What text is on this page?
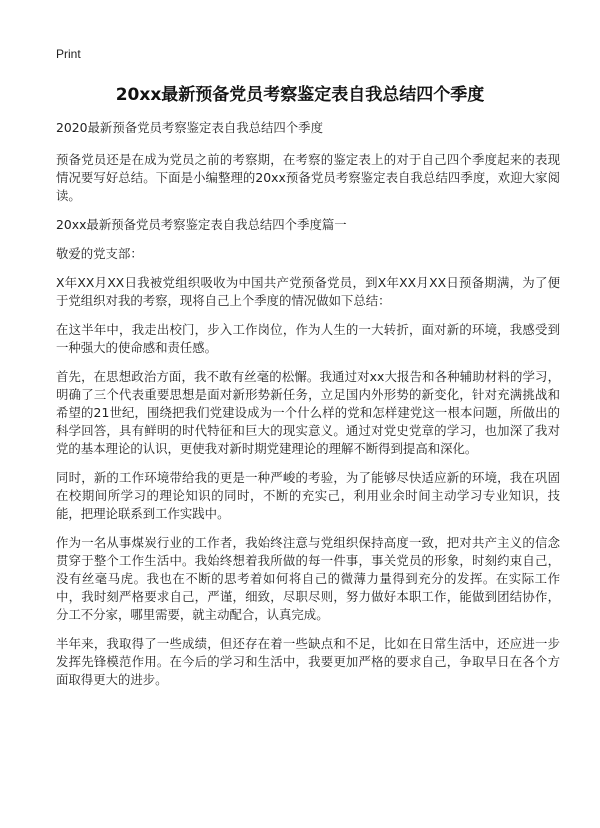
Print
20xx最新预备党员考察鉴定表自我总结四个季度

2020最新预备党员考察鉴定表自我总结四个季度

预备党员还是在成为党员之前的考察期，在考察的鉴定表上的对于自己四个季度起来的表现情况要写好总结。下面是小编整理的20xx预备党员考察鉴定表自我总结四季度，欢迎大家阅读。

20xx最新预备党员考察鉴定表自我总结四个季度篇一

敬爱的党支部：

X年XX月XX日我被党组织吸收为中国共产党预备党员，到X年XX月XX日预备期满，为了便于党组织对我的考察，现将自己上个季度的情况做如下总结：

在这半年中，我走出校门，步入工作岗位，作为人生的一大转折，面对新的环境，我感受到一种强大的使命感和责任感。

首先，在思想政治方面，我不敢有丝毫的松懈。我通过对xx大报告和各种辅助材料的学习，明确了三个代表重要思想是面对新形势新任务，立足国内外形势的新变化，针对充满挑战和希望的21世纪，围绕把我们党建设成为一个什么样的党和怎样建党这一根本问题，所做出的科学回答，具有鲜明的时代特征和巨大的现实意义。通过对党史党章的学习，也加深了我对党的基本理论的认识，更使我对新时期党建理论的理解不断得到提高和深化。

同时，新的工作环境带给我的更是一种严峻的考验，为了能够尽快适应新的环境，我在巩固在校期间所学习的理论知识的同时，不断的充实己，利用业余时间主动学习专业知识，技能，把理论联系到工作实践中。

作为一名从事煤炭行业的工作者，我始终注意与党组织保持高度一致，把对共产主义的信念贯穿于整个工作生活中。我始终想着我所做的每一件事，事关党员的形象，时刻约束自己，没有丝毫马虎。我也在不断的思考着如何将自己的微薄力量得到充分的发挥。在实际工作中，我时刻严格要求自己，严谨，细致，尽职尽则，努力做好本职工作，能做到团结协作，分工不分家，哪里需要，就主动配合，认真完成。

半年来，我取得了一些成绩，但还存在着一些缺点和不足，比如在日常生活中，还应进一步发挥先锋模范作用。在今后的学习和生活中，我要更加严格的要求自己，争取早日在各个方面取得更大的进步。
